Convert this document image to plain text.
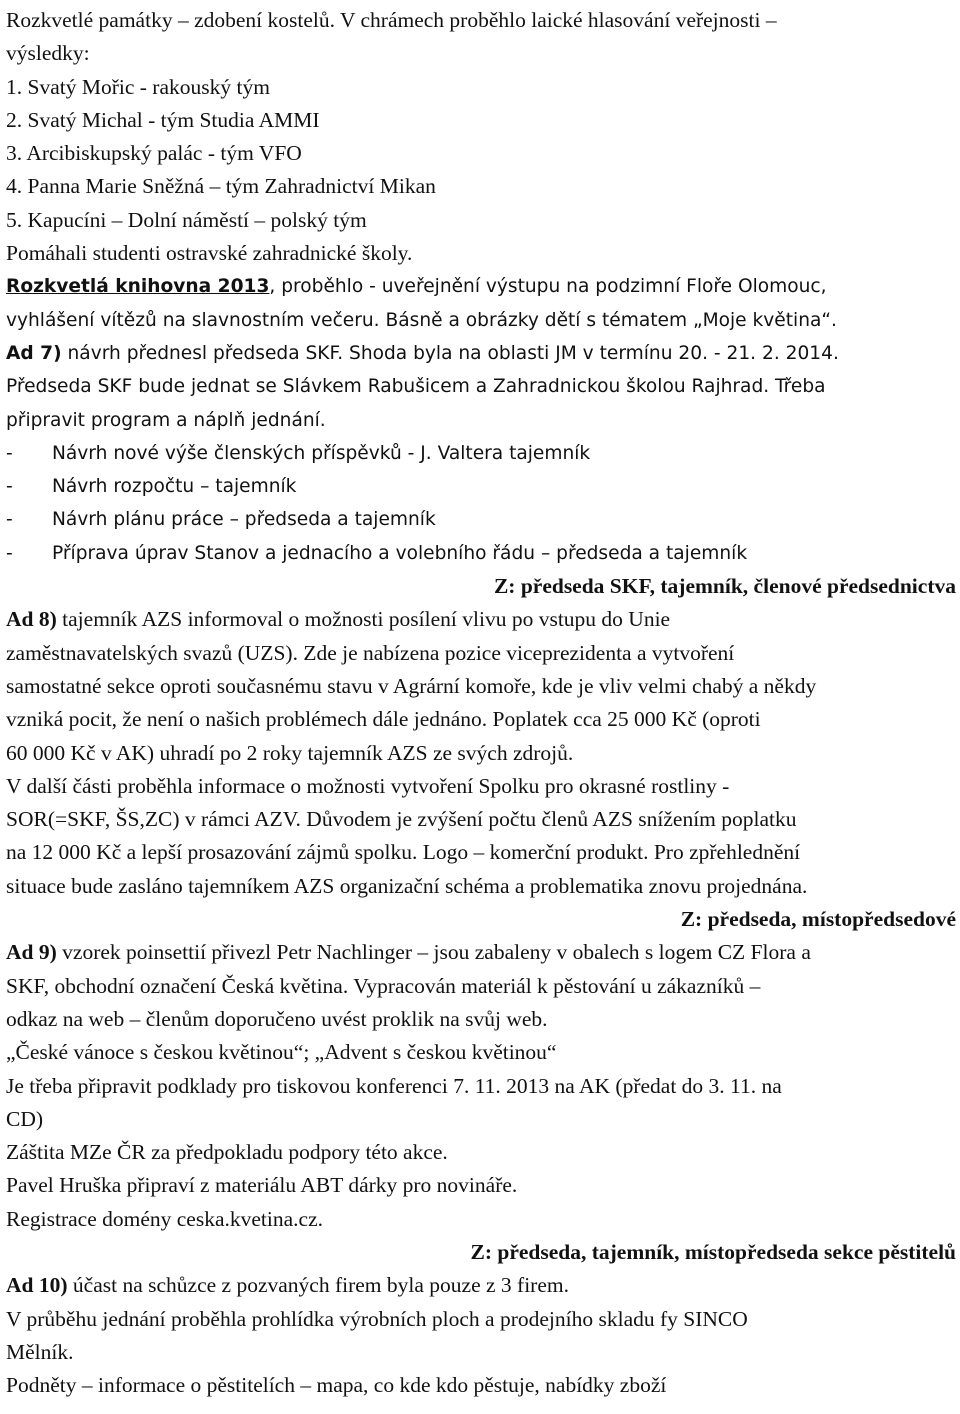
Rozkvetlé památky – zdobení kostelů. V chrámech proběhlo laické hlasování veřejnosti –
výsledky:
1. Svatý Mořic - rakouský tým
2. Svatý Michal - tým Studia AMMI
3. Arcibiskupský palác - tým VFO
4. Panna Marie Sněžná – tým Zahradnictví Mikan
5. Kapucíni – Dolní náměstí – polský tým
Pomáhali studenti ostravské zahradnické školy.
Rozkvetlá knihovna 2013, proběhlo - uveřejnění výstupu na podzimní Floře Olomouc,
vyhlášení vítězů na slavnostním večeru. Básně a obrázky dětí s tématem „Moje květina“.
Ad 7) návrh přednesl předseda SKF. Shoda byla na oblasti JM v termínu 20. - 21. 2. 2014.
Předseda SKF bude jednat se Slávkem Rabušicem a Zahradnickou školou Rajhrad. Třeba
připravit program a náplň jednání.
- Návrh nové výše členských příspěvků - J. Valtera tajemník
- Návrh rozpočtu – tajemník
- Návrh plánu práce – předseda a tajemník
- Příprava úprav Stanov a jednacího a volebního řádu – předseda a tajemník
Z: předseda SKF, tajemník, členové předsednictva
Ad 8) tajemník AZS informoval o možnosti posílení vlivu po vstupu do Unie
zaměstnavatelských svazů (UZS). Zde je nabízena pozice viceprezidenta a vytvoření
samostatné sekce oproti současnému stavu v Agrární komoře, kde je vliv velmi chabý a někdy
vzniká pocit, že není o našich problémech dále jednáno. Poplatek cca 25 000 Kč (oproti
60 000 Kč v AK) uhradí po 2 roky tajemník AZS ze svých zdrojů.
V další části proběhla informace o možnosti vytvoření Spolku pro okrasné rostliny -
SOR(=SKF, ŠS,ZC) v rámci AZV. Důvodem je zvýšení počtu členů AZS snížením poplatku
na 12 000 Kč a lepší prosazování zájmů spolku. Logo – komerční produkt. Pro zpřehlednění
situace bude zasláno tajemníkem AZS organizační schéma a problematika znovu projednána.
Z: předseda, místopředsedové
Ad 9) vzorek poinsettií přivezl Petr Nachlinger – jsou zabaleny v obalech s logem CZ Flora a
SKF, obchodní označení Česká květina. Vypracován materiál k pěstování u zákazníků –
odkaz na web – členům doporučeno uvést proklik na svůj web.
„České vánoce s českou květinou“; „Advent s českou květinou“
Je třeba připravit podklady pro tiskovou konferenci 7. 11. 2013 na AK (předat do 3. 11. na
CD)
Záštita MZe ČR za předpokladu podpory této akce.
Pavel Hruška připraví z materiálu ABT dárky pro novináře.
Registrace domény ceska.kvetina.cz.
Z: předseda, tajemník, místopředseda sekce pěstitelů
Ad 10) účast na schůzce z pozvaných firem byla pouze z 3 firem.
V průběhu jednání proběhla prohlídka výrobních ploch a prodejního skladu fy SINCO
Mělník.
Podněty – informace o pěstitelích – mapa, co kde kdo pěstuje, nabídky zboží
